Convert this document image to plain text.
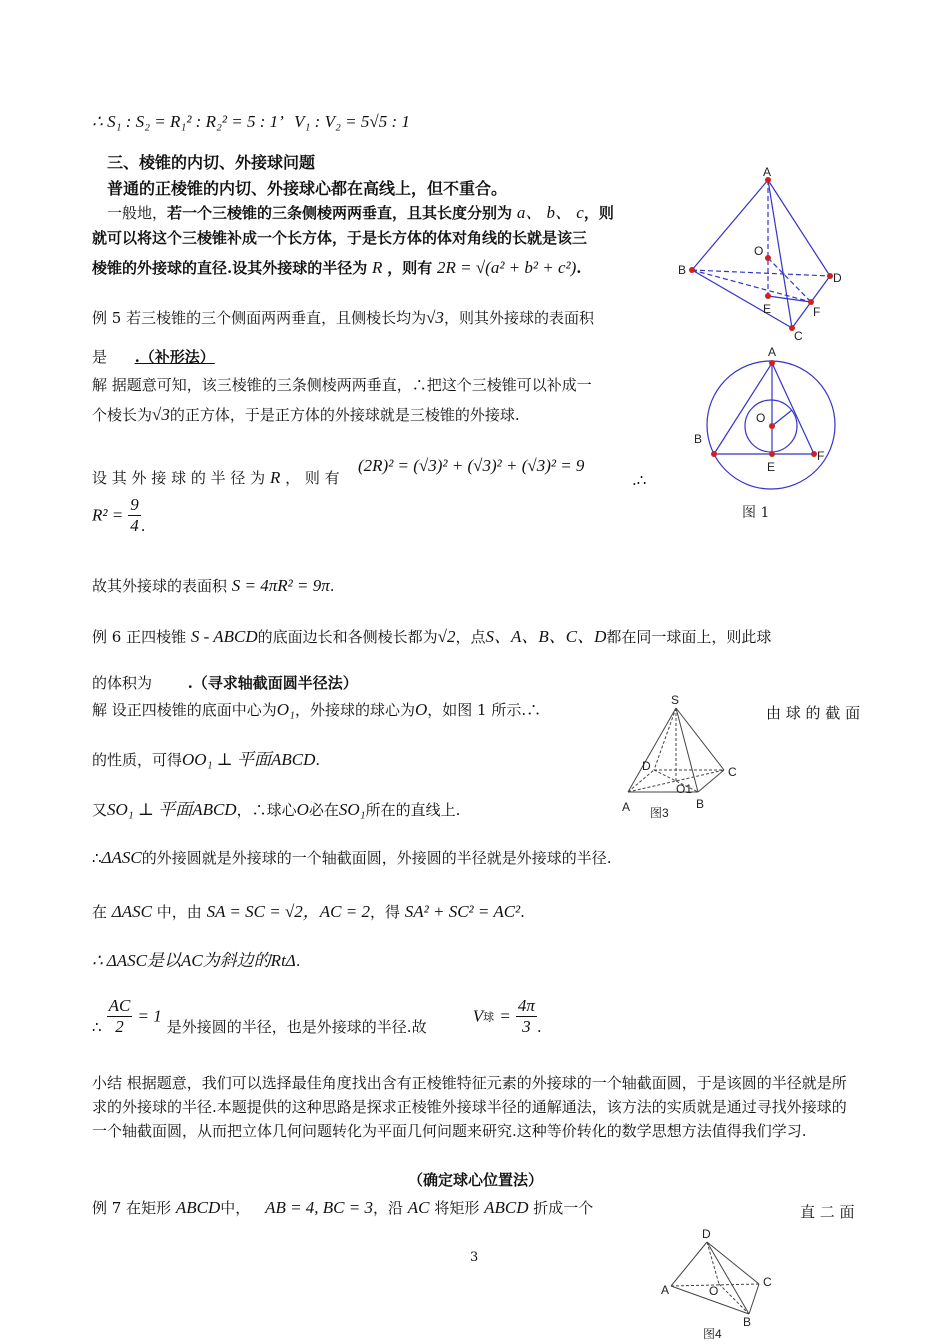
∴ S₁ : S₂ = R₁² : R₂² = 5 : 1’ V₁ : V₂ = 5√5 : 1
三、棱锥的内切、外接球问题
普通的正棱锥的内切、外接球心都在高线上，但不重合。
一般地，若一个三棱锥的三条侧棱两两垂直，且其长度分别为 a、 b、 c，则
就可以将这个三棱锥补成一个长方体，于是长方体的体对角线的长就是该三
棱锥的外接球的直径.设其外接球的半径为 R ，则有 2R = √(a² + b² + c²).
例 5 若三棱锥的三个侧面两两垂直，且侧棱长均为√3，则其外接球的表面积
是 .（补形法）
解 据题意可知，该三棱锥的三条侧棱两两垂直，∴把这个三棱锥可以补成一
个棱长为√3的正方体，于是正方体的外接球就是三棱锥的外接球.
设 其 外 接 球 的 半 径 为 R ， 则 有
(2R)² = (√3)² + (√3)² + (√3)² = 9
.∴
$R^2 = \frac{9}{4}$ .
故其外接球的表面积 S = 4πR² = 9π.
A
O
B
E	F
D
C
A
O
B
E
F
图 1
例 6 正四棱锥 S - ABCD的底面边长和各侧棱长都为√2，点S、A、B、C、D都在同一球面上，则此球
的体积为 .（寻求轴截面圆半径法）
解 设正四棱锥的底面中心为O₁，外接球的球心为O，如图 1 所示.∴	由 球 的 截 面
的性质，可得OO₁ ⊥ 平面ABCD.
又SO₁ ⊥ 平面ABCD，∴球心O必在SO₁所在的直线上.
∴ΔASC的外接圆就是外接球的一个轴截面圆，外接圆的半径就是外接球的半径.
在 ΔASC 中，由 SA = SC = √2，AC = 2，得 SA² + SC² = AC².
∴ ΔASC是以AC为斜边的RtΔ.
∴ $\frac{AC}{2} = 1$ 是外接圆的半径，也是外接球的半径.故  V球 = $\frac{4\pi}{3}$ .
S
D	C
O1
A	B
图3
小结 根据题意，我们可以选择最佳角度找出含有正棱锥特征元素的外接球的一个轴截面圆，于是该圆的半径就是所求的外接球的半径.本题提供的这种思路是探求正棱锥外接球半径的通解通法，该方法的实质就是通过寻找外接球的一个轴截面圆，从而把立体几何问题转化为平面几何问题来研究.这种等价转化的数学思想方法值得我们学习.
（确定球心位置法）
例 7 在矩形 ABCD中， AB = 4, BC = 3，沿 AC 将矩形 ABCD 折成一个	直 二 面
D
C
A	O
B
图4
3
